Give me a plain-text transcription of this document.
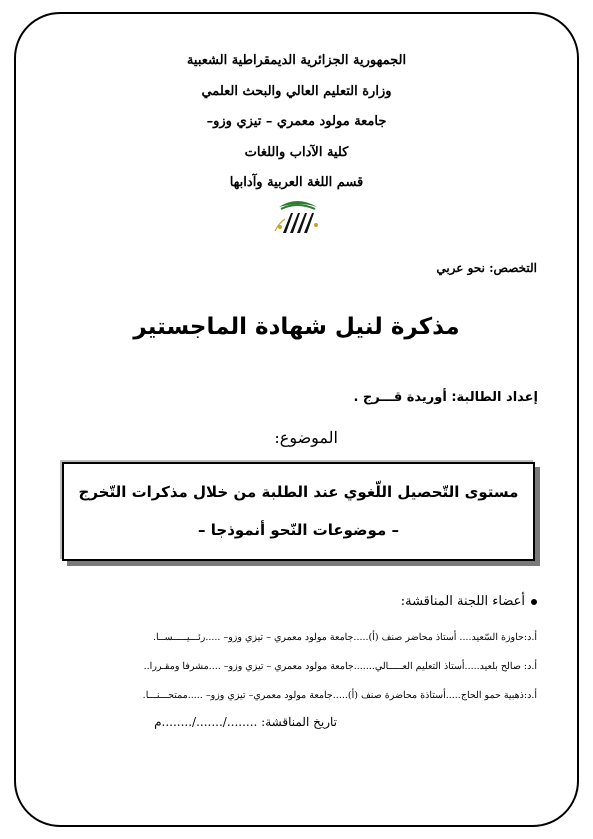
الجمهورية الجزائرية الديمقراطية الشعبية
وزارة التعليم العالي والبحث العلمي
جامعة مولود معمري – تيزي وزو–
كلية الآداب واللغات
قسم اللغة العربية وآدابها
التخصص: نحو عربي
مذكرة لنيل شهادة الماجستير
إعداد الطالبة: أوريدة قـــرج .
الموضوع:
مستوى التّحصيل اللّغوي عند الطلبة من خلال مذكرات التّخرج
– موضوعات النّحو أنموذجا –
أعضاء اللجنة المناقشة:
أ.د:حاوزة السّعيد.... أستاذ محاضر صنف (أ).....جامعة مولود معمري – تيزي وزو– .....رئـــيـــــســا.
أ.د: صالح بلعيد.....أستاذ التعليم العـــــالي.......جامعة مولود معمري – تيزي وزو– ....مشرفا ومقـررا..
أ.د:ذهبية حمو الحاج.....أستاذة محاضرة صنف (أ).....جامعة مولود معمري– تيزي وزو– .....ممتحـــنـــا.
تاريخ المناقشة: ......../......./........م
